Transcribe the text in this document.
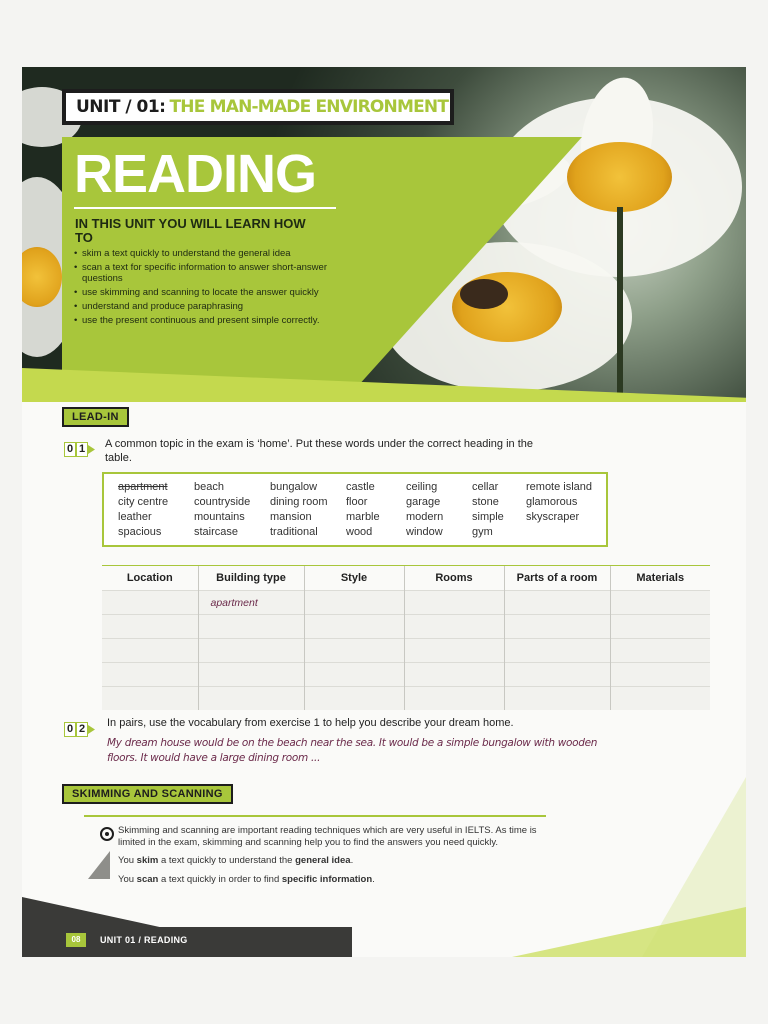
UNIT / 01: THE MAN-MADE ENVIRONMENT
READING
IN THIS UNIT YOU WILL LEARN HOW TO
• skim a text quickly to understand the general idea
• scan a text for specific information to answer short-answer questions
• use skimming and scanning to locate the answer quickly
• understand and produce paraphrasing
• use the present continuous and present simple correctly.
LEAD-IN
0 1 A common topic in the exam is ‘home’. Put these words under the correct heading in the table.
apartment	beach	bungalow	castle	ceiling	cellar	remote island
city centre	countryside	dining room	floor	garage	stone	glamorous
leather	mountains	mansion	marble	modern	simple	skyscraper
spacious	staircase	traditional	wood	window	gym
Location	Building type	Style	Rooms	Parts of a room	Materials
	apartment				

0 2 In pairs, use the vocabulary from exercise 1 to help you describe your dream home.
My dream house would be on the beach near the sea. It would be a simple bungalow with wooden
floors. It would have a large dining room ...
SKIMMING AND SCANNING

Skimming and scanning are important reading techniques which are very useful in IELTS. As time is limited in the exam, skimming and scanning help you to find the answers you need quickly.

You skim a text quickly to understand the general idea.

You scan a text quickly in order to find specific information.

08	UNIT 01 / READING
